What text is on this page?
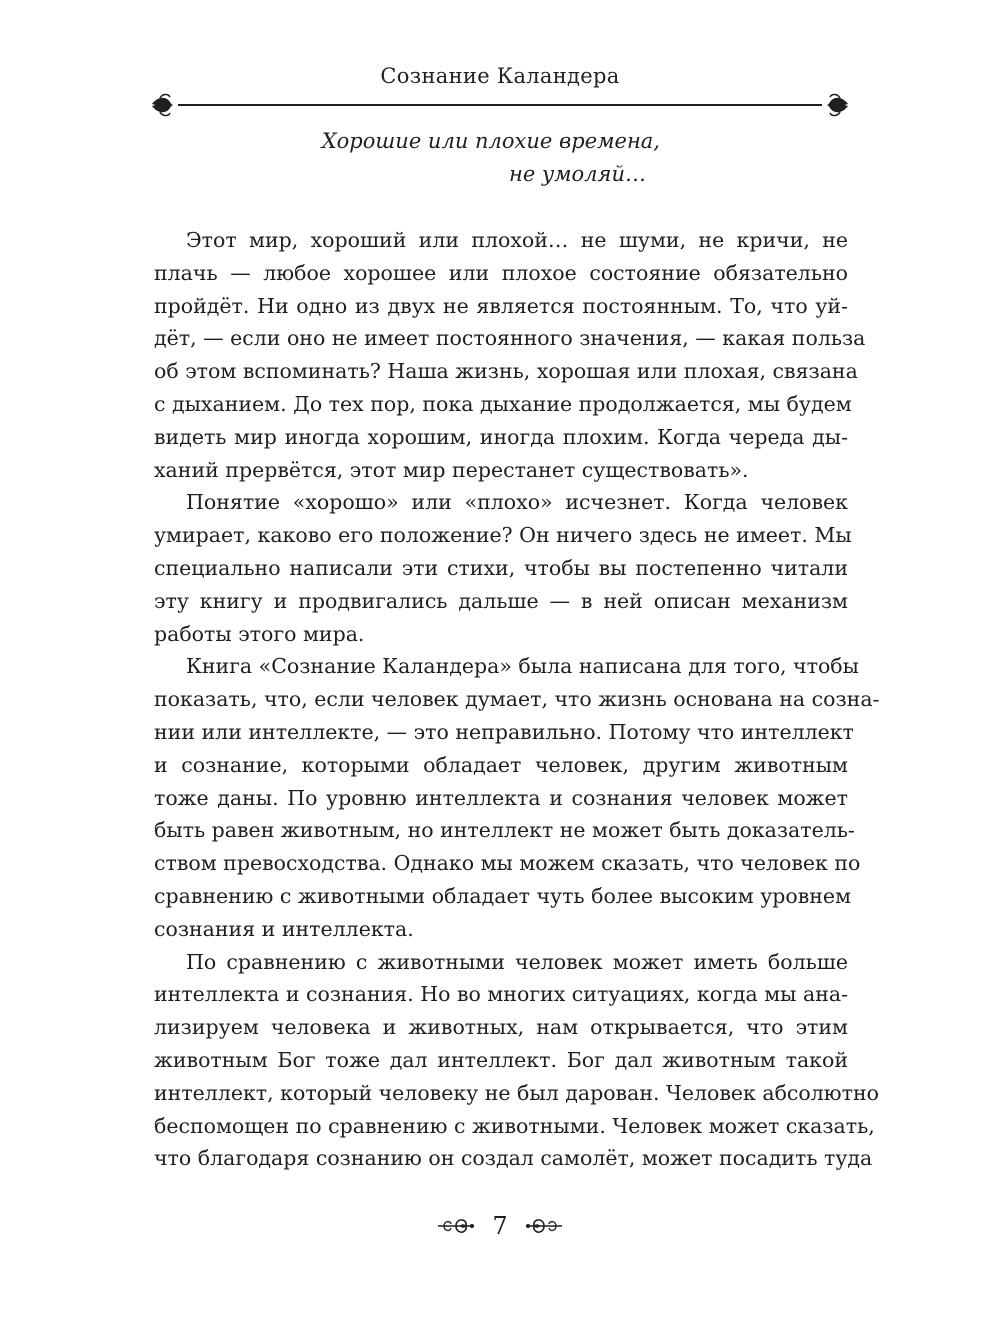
Сознание Каландера
Хорошие или плохие времена,
не умоляй…

Этот мир, хороший или плохой… не шуми, не кричи, не
плачь — любое хорошее или плохое состояние обязательно
пройдёт. Ни одно из двух не является постоянным. То, что уй-
дёт, — если оно не имеет постоянного значения, — какая польза
об этом вспоминать? Наша жизнь, хорошая или плохая, связана
с дыханием. До тех пор, пока дыхание продолжается, мы будем
видеть мир иногда хорошим, иногда плохим. Когда череда ды-
ханий прервётся, этот мир перестанет существовать».

Понятие «хорошо» или «плохо» исчезнет. Когда человек
умирает, каково его положение? Он ничего здесь не имеет. Мы
специально написали эти стихи, чтобы вы постепенно читали
эту книгу и продвигались дальше — в ней описан механизм
работы этого мира.

Книга «Сознание Каландера» была написана для того, чтобы
показать, что, если человек думает, что жизнь основана на созна-
нии или интеллекте, — это неправильно. Потому что интеллект
и сознание, которыми обладает человек, другим животным
тоже даны. По уровню интеллекта и сознания человек может
быть равен животным, но интеллект не может быть доказатель-
ством превосходства. Однако мы можем сказать, что человек по
сравнению с животными обладает чуть более высоким уровнем
сознания и интеллекта.

По сравнению с животными человек может иметь больше
интеллекта и сознания. Но во многих ситуациях, когда мы ана-
лизируем человека и животных, нам открывается, что этим
животным Бог тоже дал интеллект. Бог дал животным такой
интеллект, который человеку не был дарован. Человек абсолютно
беспомощен по сравнению с животными. Человек может сказать,
что благодаря сознанию он создал самолёт, может посадить туда

7
